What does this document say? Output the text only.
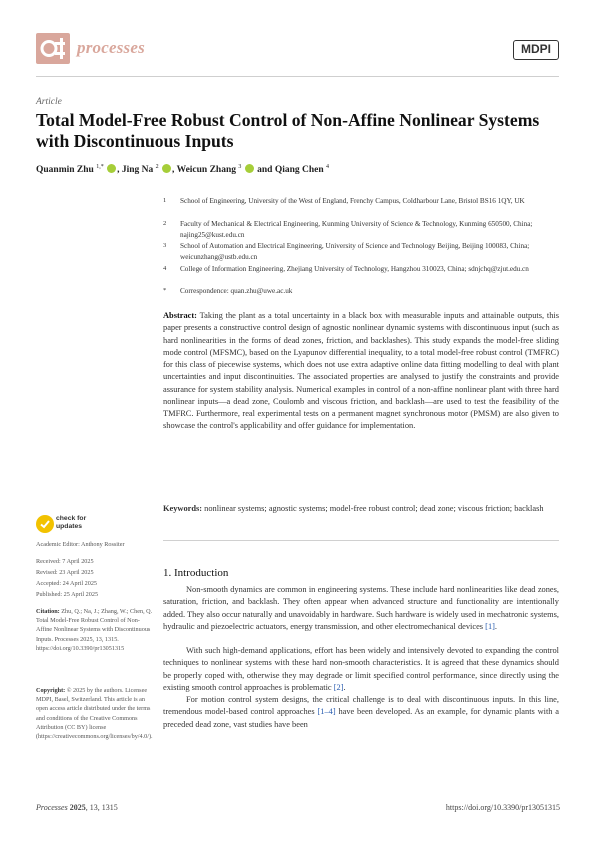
processes	MDPI
Article
Total Model-Free Robust Control of Non-Affine Nonlinear Systems with Discontinuous Inputs
Quanmin Zhu $^{1,*}$ , Jing Na $^2$ , Weicun Zhang $^3$ and Qiang Chen $^4$
1	School of Engineering, University of the West of England, Frenchy Campus, Coldharbour Lane, Bristol BS16 1QY, UK
2	Faculty of Mechanical & Electrical Engineering, Kunming University of Science & Technology, Kunming 650500, China; najing25@kust.edu.cn
3	School of Automation and Electrical Engineering, University of Science and Technology Beijing, Beijing 100083, China; weicunzhang@ustb.edu.cn
4	College of Information Engineering, Zhejiang University of Technology, Hangzhou 310023, China; sdnjchq@zjut.edu.cn
*	Correspondence: quan.zhu@uwe.ac.uk
Abstract: Taking the plant as a total uncertainty in a black box with measurable inputs and attainable outputs, this paper presents a constructive control design of agnostic nonlinear dynamic systems with discontinuous input (such as hard nonlinearities in the forms of dead zones, friction, and backlashes). This study expands the model-free sliding mode control (MFSMC), based on the Lyapunov differential inequality, to a total model-free robust control (TMFRC) for this class of piecewise systems, which does not use extra adaptive online data fitting modelling to deal with plant uncertainties and input discontinuities. The associated properties are analysed to justify the constraints and provide assurance for system stability analysis. Numerical examples in control of a non-affine nonlinear plant with three hard nonlinear inputs—a dead zone, Coulomb and viscous friction, and backlash—are used to test the feasibility of the TMFRC. Furthermore, real experimental tests on a permanent magnet synchronous motor (PMSM) are also given to showcase the control's applicability and offer guidance for implementation.
Keywords: nonlinear systems; agnostic systems; model-free robust control; dead zone; viscous friction; backlash
check for
updates
Academic Editor: Anthony Rossiter
Received: 7 April 2025
Revised: 23 April 2025
Accepted: 24 April 2025
Published: 25 April 2025
Citation: Zhu, Q.; Na, J.; Zhang, W.; Chen, Q. Total Model-Free Robust Control of Non-Affine Nonlinear Systems with Discontinuous Inputs. Processes 2025, 13, 1315. https://doi.org/10.3390/pr13051315
Copyright: © 2025 by the authors. Licensee MDPI, Basel, Switzerland. This article is an open access article distributed under the terms and conditions of the Creative Commons Attribution (CC BY) license (https://creativecommons.org/licenses/by/4.0/).
1. Introduction
Non-smooth dynamics are common in engineering systems. These include hard nonlinearities like dead zones, saturation, friction, and backlash. They often appear when advanced structure and functionality are intentionally added. They also occur naturally and unavoidably in hardware. Such hardware is widely used in mechatronic systems, hydraulic and piezoelectric actuators, energy transmission, and other electromechanical devices [1].
With such high-demand applications, effort has been widely and intensively devoted to expanding the control techniques to nonlinear systems with these hard non-smooth characteristics. It is agreed that these dynamics should be properly coped with, otherwise they may degrade or limit specified control performance, since directly using the existing smooth control approaches is problematic [2].
For motion control system designs, the critical challenge is to deal with discontinuous inputs. In this line, tremendous model-based control approaches [1–4] have been developed. As an example, for dynamic plants with a preceded dead zone, vast studies have been
Processes 2025, 13, 1315	https://doi.org/10.3390/pr13051315
